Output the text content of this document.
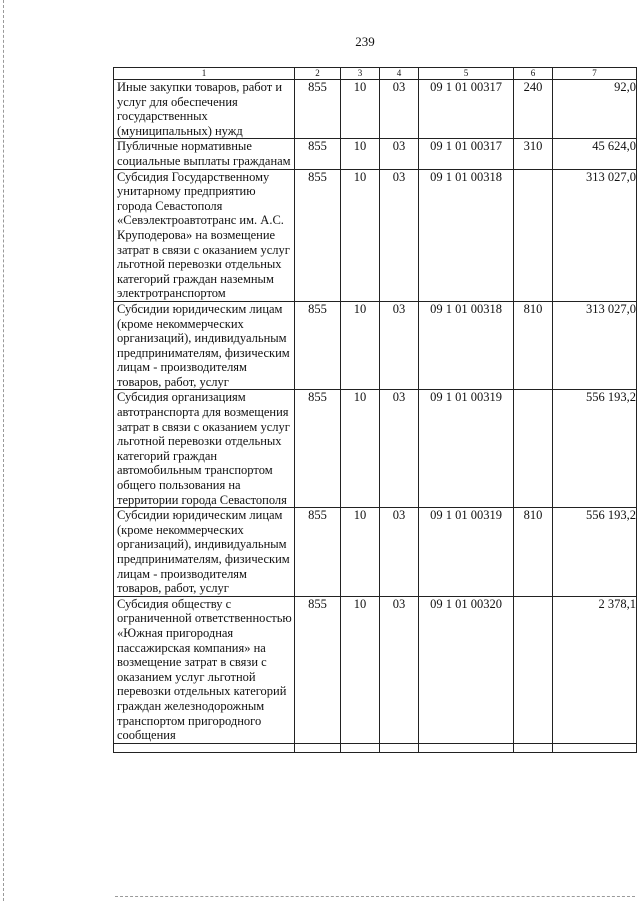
239
1	2	3	4	5	6	7
Иные закупки товаров, работ и услуг для обеспечения государственных (муниципальных) нужд	855	10	03	09 1 01 00317	240	92,0
Публичные нормативные социальные выплаты гражданам	855	10	03	09 1 01 00317	310	45 624,0
Субсидия Государственному унитарному предприятию города Севастополя «Севэлектроавтотранс им. А.С. Круподерова» на возмещение затрат в связи с оказанием услуг льготной перевозки отдельных категорий граждан наземным электротранспортом	855	10	03	09 1 01 00318		313 027,0
Субсидии юридическим лицам (кроме некоммерческих организаций), индивидуальным предпринимателям, физическим лицам - производителям товаров, работ, услуг	855	10	03	09 1 01 00318	810	313 027,0
Субсидия организациям автотранспорта для возмещения затрат в связи с оказанием услуг льготной перевозки отдельных категорий граждан автомобильным транспортом общего пользования на территории города Севастополя	855	10	03	09 1 01 00319		556 193,2
Субсидии юридическим лицам (кроме некоммерческих организаций), индивидуальным предпринимателям, физическим лицам - производителям товаров, работ, услуг	855	10	03	09 1 01 00319	810	556 193,2
Субсидия обществу с ограниченной ответственностью «Южная пригородная пассажирская компания» на возмещение затрат в связи с оказанием услуг льготной перевозки отдельных категорий граждан железнодорожным транспортом пригородного сообщения	855	10	03	09 1 01 00320		2 378,1
